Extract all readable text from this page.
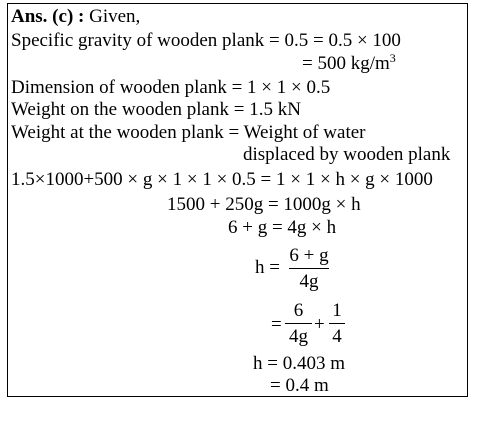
Ans. (c) : Given,
Specific gravity of wooden plank = 0.5 = 0.5 × 100
= 500 $kg/m^3$
Dimension of wooden plank = 1 × 1 × 0.5
Weight on the wooden plank = 1.5 kN
Weight at the wooden plank = Weight of water
displaced by wooden plank
1.5×1000+500 × g × 1 × 1 × 0.5 = 1 × 1 × h × g × 1000
1500 + 250g = 1000g × h
6 + g = 4g × h
h =
6 + g
4g
=
6
4g
+
1
4
h = 0.403 m
= 0.4 m
